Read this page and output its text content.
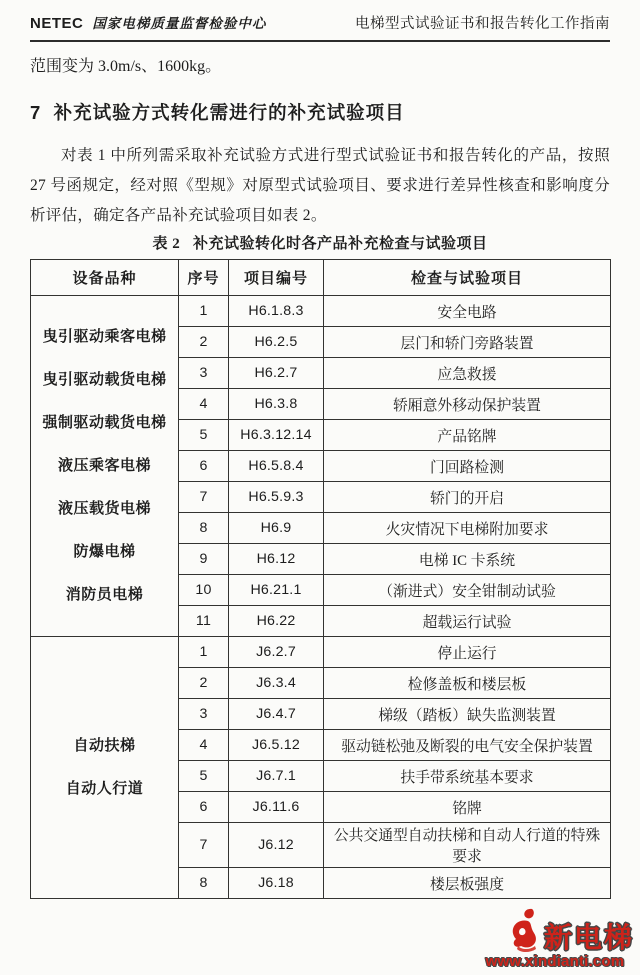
NETEC 国家电梯质量监督检验中心	电梯型式试验证书和报告转化工作指南
范围变为 3.0m/s、1600kg。
7  补充试验方式转化需进行的补充试验项目

对表 1 中所列需采取补充试验方式进行型式试验证书和报告转化的产品，按照 27 号函规定，经对照《型规》对原型式试验项目、要求进行差异性核查和影响度分析评估，确定各产品补充试验项目如表 2。

表 2   补充试验转化时各产品补充检查与试验项目
设备品种	序号	项目编号	检查与试验项目

曳引驱动乘客电梯
曳引驱动载货电梯
强制驱动载货电梯
液压乘客电梯
液压载货电梯
防爆电梯
消防员电梯
	1	H6.1.8.3	安全电路
	2	H6.2.5	层门和轿门旁路装置
	3	H6.2.7	应急救援
	4	H6.3.8	轿厢意外移动保护装置
	5	H6.3.12.14	产品铭牌
	6	H6.5.8.4	门回路检测
	7	H6.5.9.3	轿门的开启
	8	H6.9	火灾情况下电梯附加要求
	9	H6.12	电梯 IC 卡系统
	10	H6.21.1	（渐进式）安全钳制动试验
	11	H6.22	超载运行试验

自动扶梯
自动人行道	1	J6.2.7	停止运行
	2	J6.3.4	检修盖板和楼层板
	3	J6.4.7	梯级（踏板）缺失监测装置
	4	J6.5.12	驱动链松弛及断裂的电气安全保护装置
	5	J6.7.1	扶手带系统基本要求
	6	J6.11.6	铭牌
	7	J6.12	公共交通型自动扶梯和自动人行道的特殊要求
	8	J6.18	楼层板强度
新电梯
www.xindianti.com
